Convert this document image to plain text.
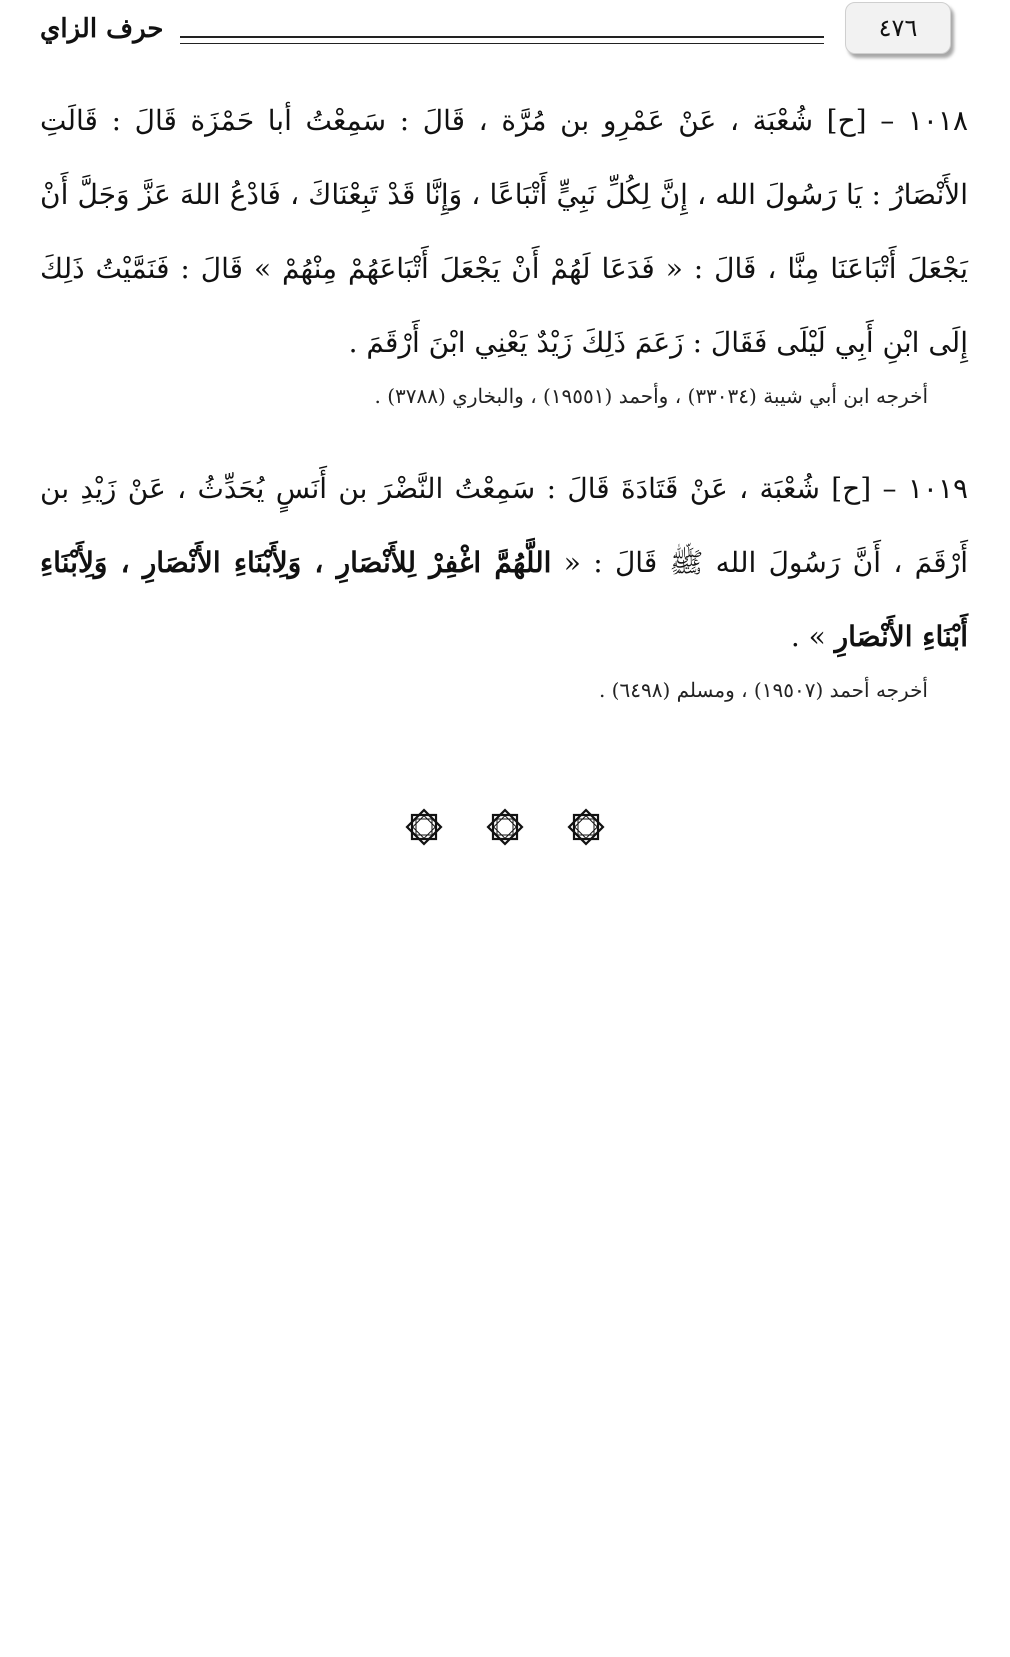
حرف الزاي	٤٧٦

١٠١٨ – [ح] شُعْبَة ، عَنْ عَمْرِو بن مُرَّة ، قَالَ : سَمِعْتُ أبا حَمْزَة قَالَ : قَالَتِ الأَنْصَارُ : يَا رَسُولَ الله ، إِنَّ لِكُلِّ نَبِيٍّ أَتْبَاعًا ، وَإِنَّا قَدْ تَبِعْنَاكَ ، فَادْعُ اللهَ عَزَّ وَجَلَّ أَنْ يَجْعَلَ أَتْبَاعَنَا مِنَّا ، قَالَ : « فَدَعَا لَهُمْ أَنْ يَجْعَلَ أَتْبَاعَهُمْ مِنْهُمْ » قَالَ : فَنَمَّيْتُ ذَلِكَ إِلَى ابْنِ أَبِي لَيْلَى فَقَالَ : زَعَمَ ذَلِكَ زَيْدٌ يَعْنِي ابْنَ أَرْقَمَ .

أخرجه ابن أبي شيبة (٣٣٠٣٤) ، وأحمد (١٩٥٥١) ، والبخاري (٣٧٨٨) .

١٠١٩ – [ح] شُعْبَة ، عَنْ قَتَادَةَ قَالَ : سَمِعْتُ النَّضْرَ بن أَنَسٍ يُحَدِّثُ ، عَنْ زَيْدِ بن أَرْقَمَ ، أَنَّ رَسُولَ الله ﷺ قَالَ : « اللَّهُمَّ اغْفِرْ لِلأَنْصَارِ ، وَلِأَبْنَاءِ الأَنْصَارِ ، وَلِأَبْنَاءِ أَبْنَاءِ الأَنْصَارِ » .

أخرجه أحمد (١٩٥٠٧) ، ومسلم (٦٤٩٨) .
